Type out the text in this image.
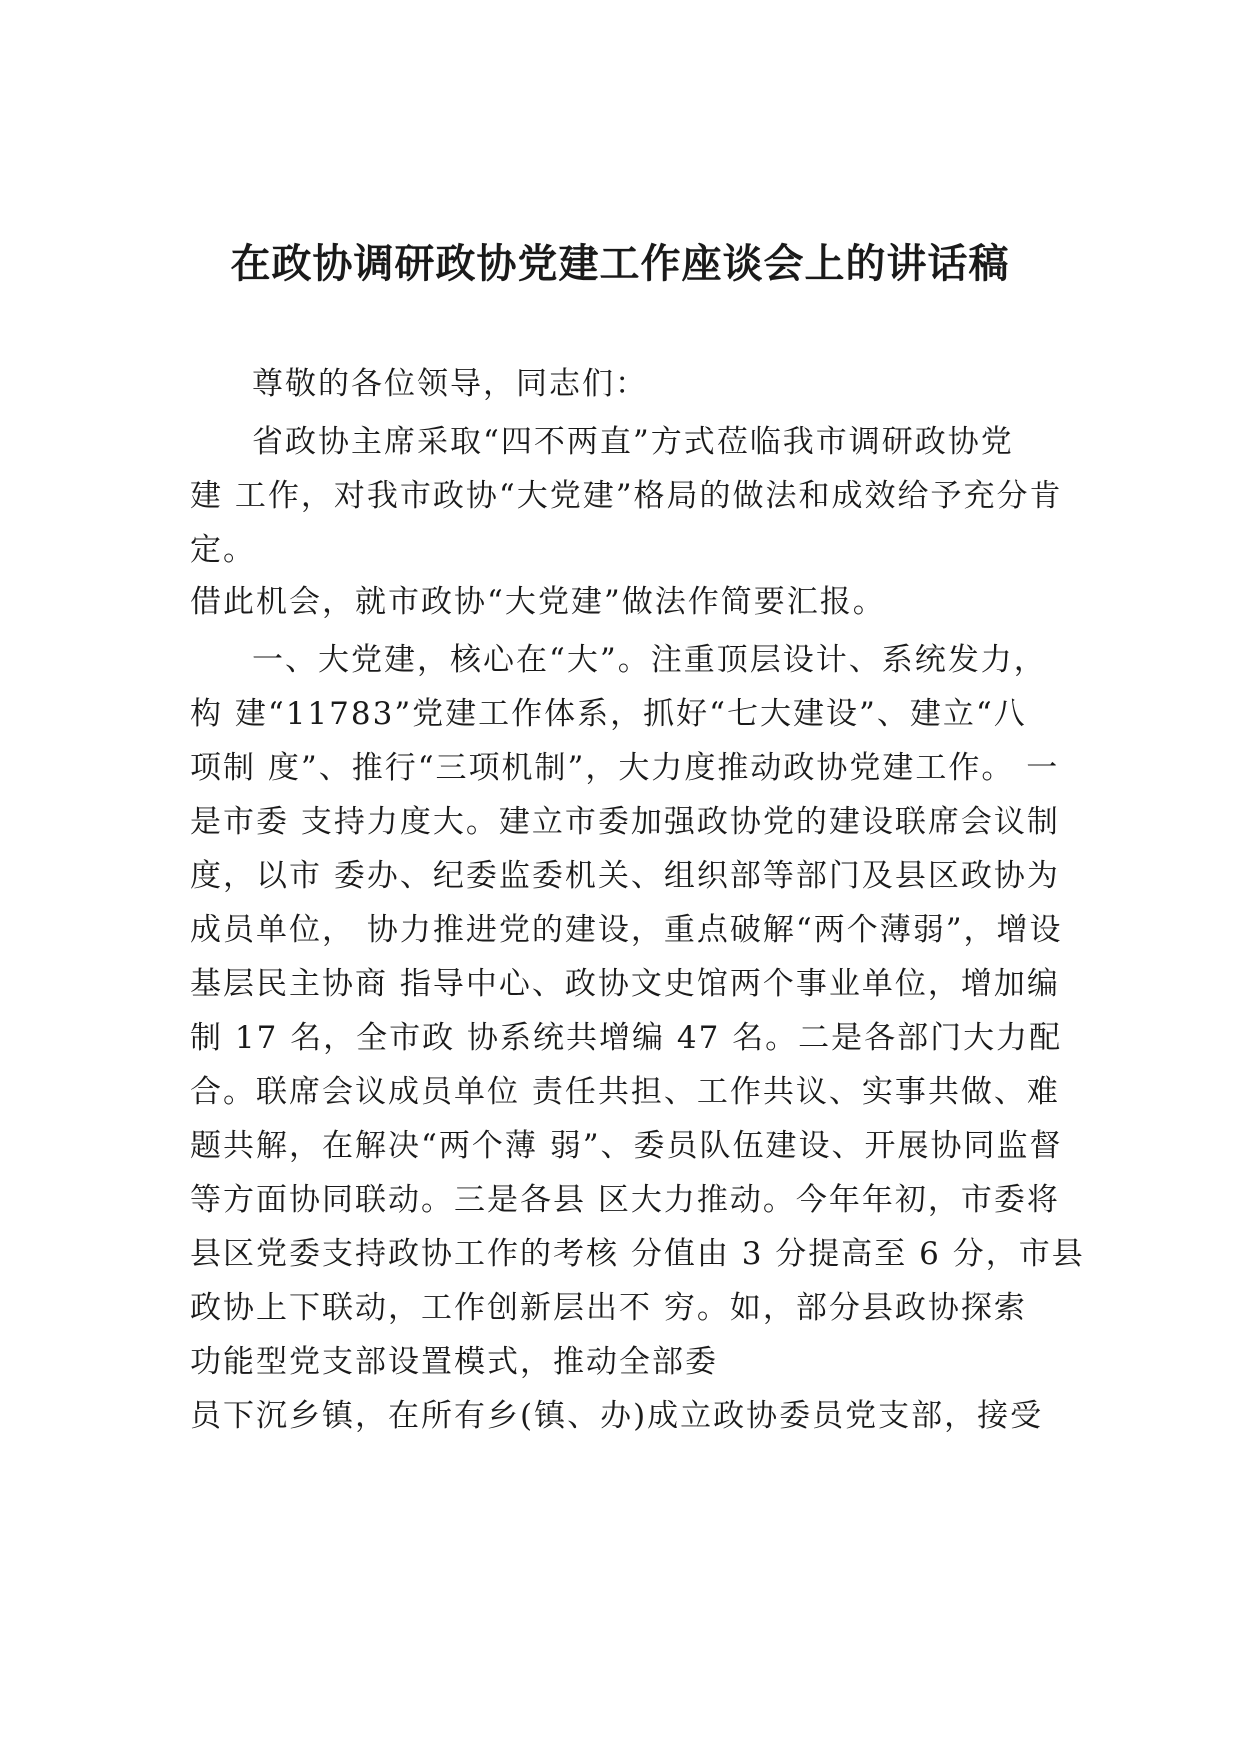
在政协调研政协党建工作座谈会上的讲话稿
尊敬的各位领导，同志们：
省政协主席采取“四不两直”方式莅临我市调研政协党
建 工作，对我市政协“大党建”格局的做法和成效给予充分肯
定。
借此机会，就市政协“大党建”做法作简要汇报。
一、大党建，核心在“大”。注重顶层设计、系统发力，
构 建“11783”党建工作体系，抓好“七大建设”、建立“八
项制 度”、推行“三项机制”，大力度推动政协党建工作。 一
是市委 支持力度大。建立市委加强政协党的建设联席会议制
度，以市 委办、纪委监委机关、组织部等部门及县区政协为
成员单位， 协力推进党的建设，重点破解“两个薄弱”，增设
基层民主协商 指导中心、政协文史馆两个事业单位，增加编
制 17 名，全市政 协系统共增编 47 名。二是各部门大力配
合。联席会议成员单位 责任共担、工作共议、实事共做、难
题共解，在解决“两个薄 弱”、委员队伍建设、开展协同监督
等方面协同联动。三是各县 区大力推动。今年年初，市委将
县区党委支持政协工作的考核 分值由 3 分提高至 6 分，市县
政协上下联动，工作创新层出不 穷。如，部分县政协探索
功能型党支部设置模式，推动全部委
员下沉乡镇，在所有乡(镇、办)成立政协委员党支部，接受
